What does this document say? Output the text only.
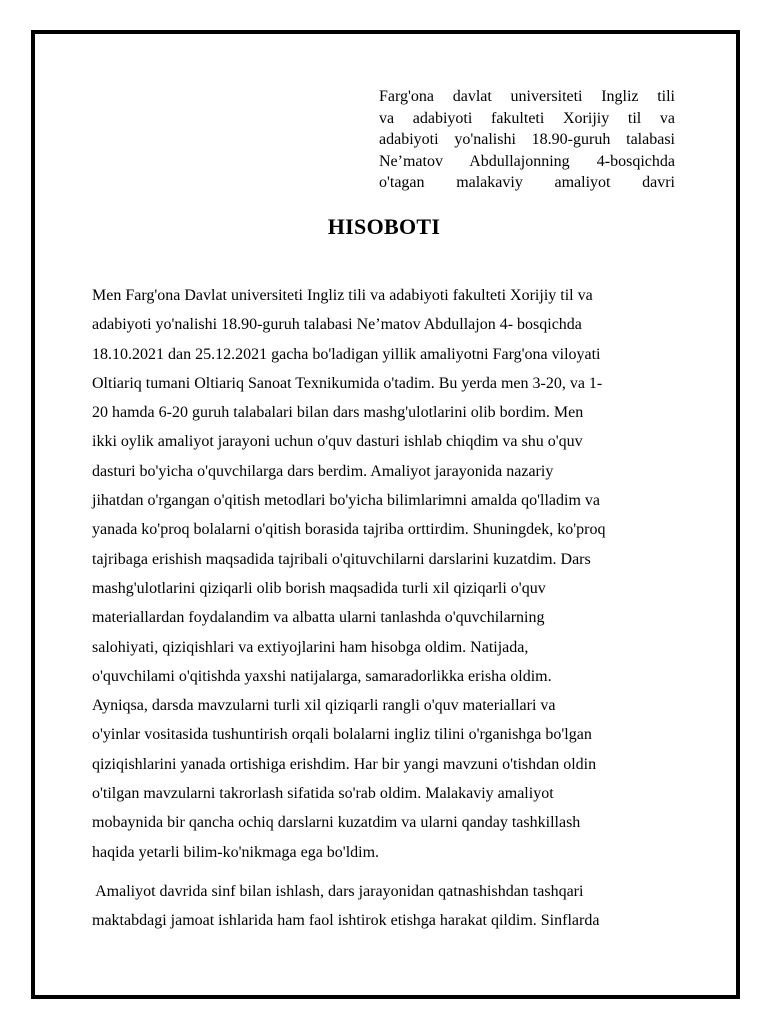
Farg'ona davlat universiteti Ingliz tili
va adabiyoti fakulteti Xorijiy til va
adabiyoti yo'nalishi 18.90-guruh talabasi
Ne’matov Abdullajonning 4-bosqichda
o'tagan malakaviy amaliyot davri
HISOBOTI
Men Farg'ona Davlat universiteti Ingliz tili va adabiyoti fakulteti Xorijiy til va
adabiyoti yo'nalishi 18.90-guruh talabasi Ne’matov Abdullajon 4- bosqichda
18.10.2021 dan 25.12.2021 gacha bo'ladigan yillik amaliyotni Farg'ona viloyati
Oltiariq tumani Oltiariq Sanoat Texnikumida o'tadim. Bu yerda men 3-20, va 1-
20 hamda 6-20 guruh talabalari bilan dars mashg'ulotlarini olib bordim. Men
ikki oylik amaliyot jarayoni uchun o'quv dasturi ishlab chiqdim va shu o'quv
dasturi bo'yicha o'quvchilarga dars berdim. Amaliyot jarayonida nazariy
jihatdan o'rgangan o'qitish metodlari bo'yicha bilimlarimni amalda qo'lladim va
yanada ko'proq bolalarni o'qitish borasida tajriba orttirdim. Shuningdek, ko'proq
tajribaga erishish maqsadida tajribali o'qituvchilarni darslarini kuzatdim. Dars
mashg'ulotlarini qiziqarli olib borish maqsadida turli xil qiziqarli o'quv
materiallardan foydalandim va albatta ularni tanlashda o'quvchilarning
salohiyati, qiziqishlari va extiyojlarini ham hisobga oldim. Natijada,
o'quvchilami o'qitishda yaxshi natijalarga, samaradorlikka erisha oldim.
Ayniqsa, darsda mavzularni turli xil qiziqarli rangli o'quv materiallari va
o'yinlar vositasida tushuntirish orqali bolalarni ingliz tilini o'rganishga bo'lgan
qiziqishlarini yanada ortishiga erishdim. Har bir yangi mavzuni o'tishdan oldin
o'tilgan mavzularni takrorlash sifatida so'rab oldim. Malakaviy amaliyot
mobaynida bir qancha ochiq darslarni kuzatdim va ularni qanday tashkillash
haqida yetarli bilim-ko'nikmaga ega bo'ldim.
Amaliyot davrida sinf bilan ishlash, dars jarayonidan qatnashishdan tashqari
maktabdagi jamoat ishlarida ham faol ishtirok etishga harakat qildim. Sinflarda
